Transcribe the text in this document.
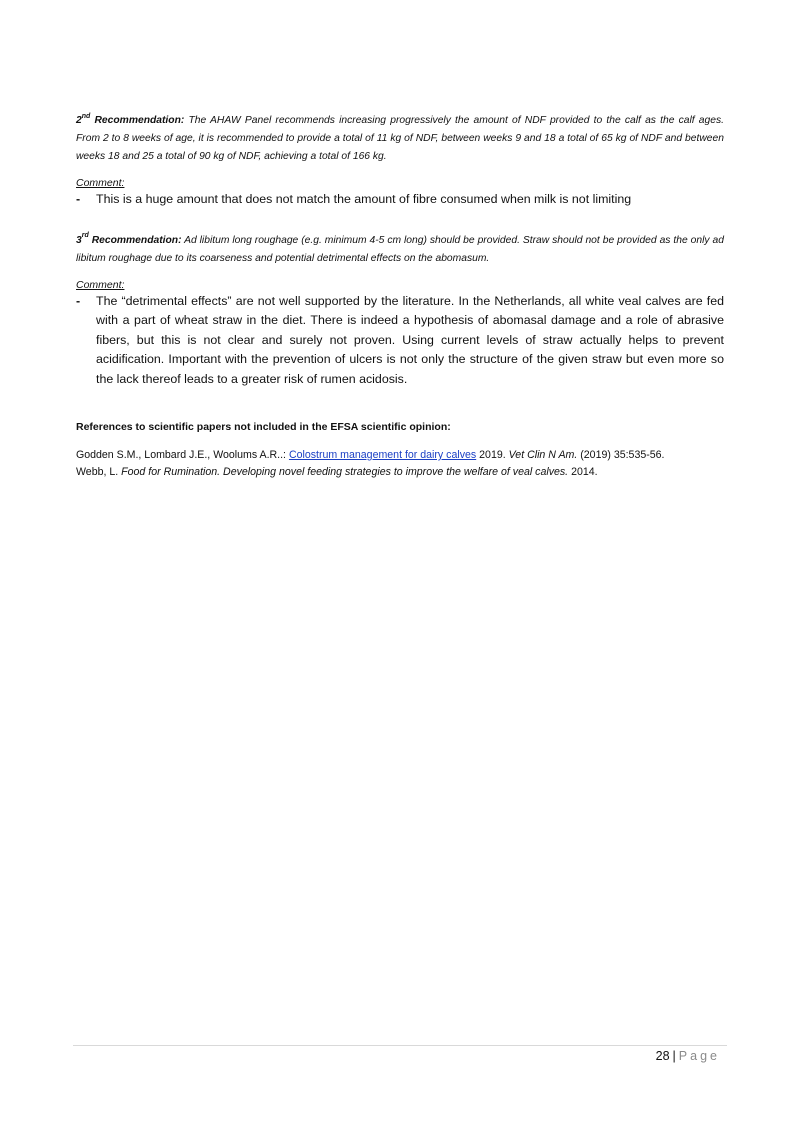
2nd Recommendation: The AHAW Panel recommends increasing progressively the amount of NDF provided to the calf as the calf ages. From 2 to 8 weeks of age, it is recommended to provide a total of 11 kg of NDF, between weeks 9 and 18 a total of 65 kg of NDF and between weeks 18 and 25 a total of 90 kg of NDF, achieving a total of 166 kg.

Comment:

- This is a huge amount that does not match the amount of fibre consumed when milk is not limiting

3rd Recommendation: Ad libitum long roughage (e.g. minimum 4-5 cm long) should be provided. Straw should not be provided as the only ad libitum roughage due to its coarseness and potential detrimental effects on the abomasum.

Comment:

- The “detrimental effects” are not well supported by the literature. In the Netherlands, all white veal calves are fed with a part of wheat straw in the diet. There is indeed a hypothesis of abomasal damage and a role of abrasive fibers, but this is not clear and surely not proven. Using current levels of straw actually helps to prevent acidification. Important with the prevention of ulcers is not only the structure of the given straw but even more so the lack thereof leads to a greater risk of rumen acidosis.

References to scientific papers not included in the EFSA scientific opinion:

Godden S.M., Lombard J.E., Woolums A.R..: Colostrum management for dairy calves 2019. Vet Clin N Am. (2019) 35:535-56.

Webb, L. Food for Rumination. Developing novel feeding strategies to improve the welfare of veal calves. 2014.

28 | Page
